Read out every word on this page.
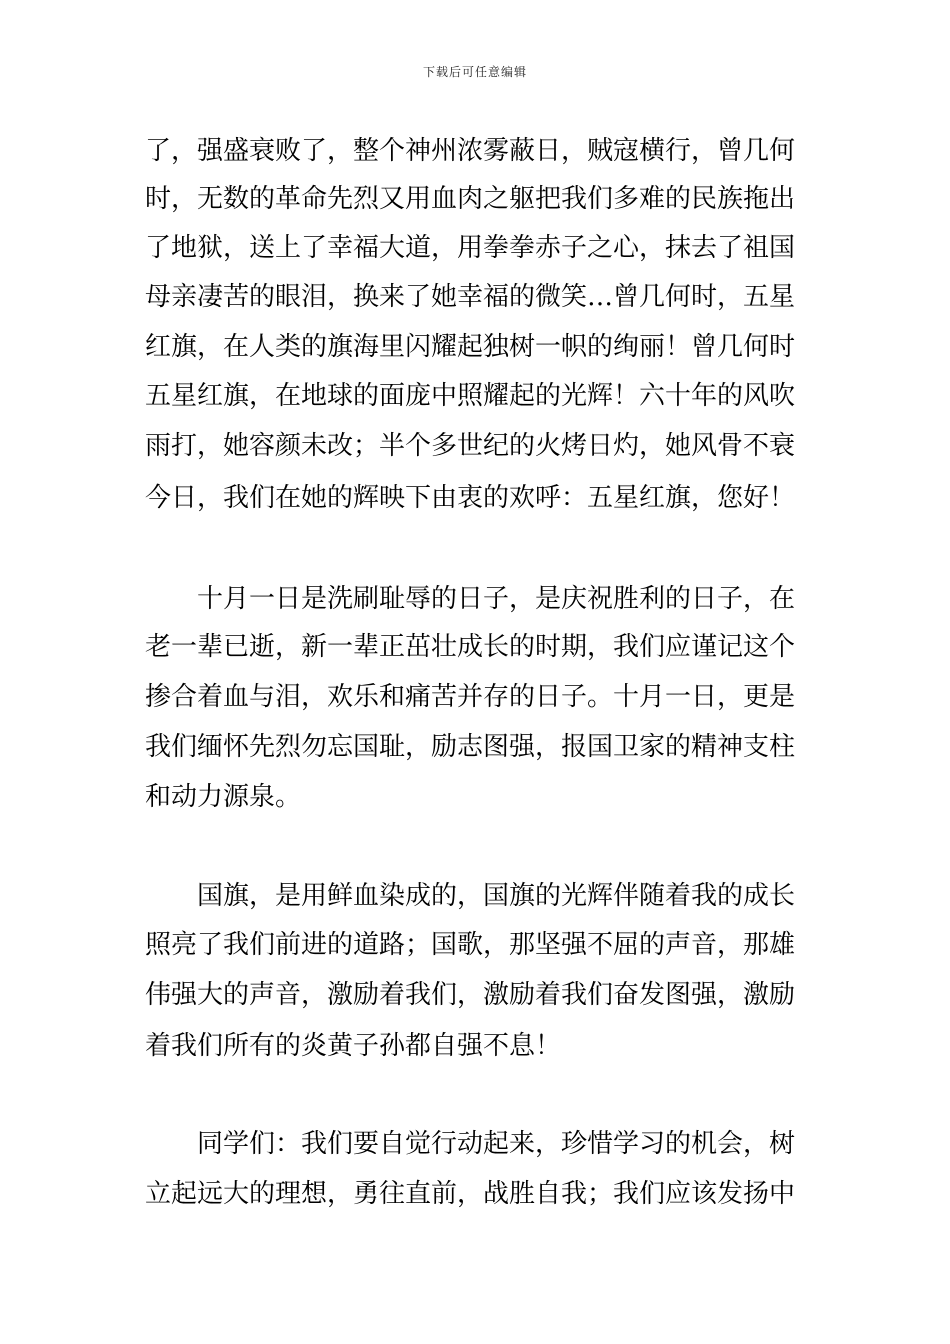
下载后可任意编辑
了，强盛衰败了，整个神州浓雾蔽日，贼寇横行，曾几何
时，无数的革命先烈又用血肉之躯把我们多难的民族拖出
了地狱，送上了幸福大道，用拳拳赤子之心，抹去了祖国
母亲凄苦的眼泪，换来了她幸福的微笑…曾几何时，五星
红旗，在人类的旗海里闪耀起独树一帜的绚丽！曾几何时
五星红旗，在地球的面庞中照耀起的光辉！六十年的风吹
雨打，她容颜未改；半个多世纪的火烤日灼，她风骨不衰
今日，我们在她的辉映下由衷的欢呼：五星红旗，您好！
十月一日是洗刷耻辱的日子，是庆祝胜利的日子，在
老一辈已逝，新一辈正茁壮成长的时期，我们应谨记这个
掺合着血与泪，欢乐和痛苦并存的日子。十月一日，更是
我们缅怀先烈勿忘国耻，励志图强，报国卫家的精神支柱
和动力源泉。
国旗，是用鲜血染成的，国旗的光辉伴随着我的成长
照亮了我们前进的道路；国歌，那坚强不屈的声音，那雄
伟强大的声音，激励着我们，激励着我们奋发图强，激励
着我们所有的炎黄子孙都自强不息！
同学们：我们要自觉行动起来，珍惜学习的机会，树
立起远大的理想，勇往直前，战胜自我；我们应该发扬中
